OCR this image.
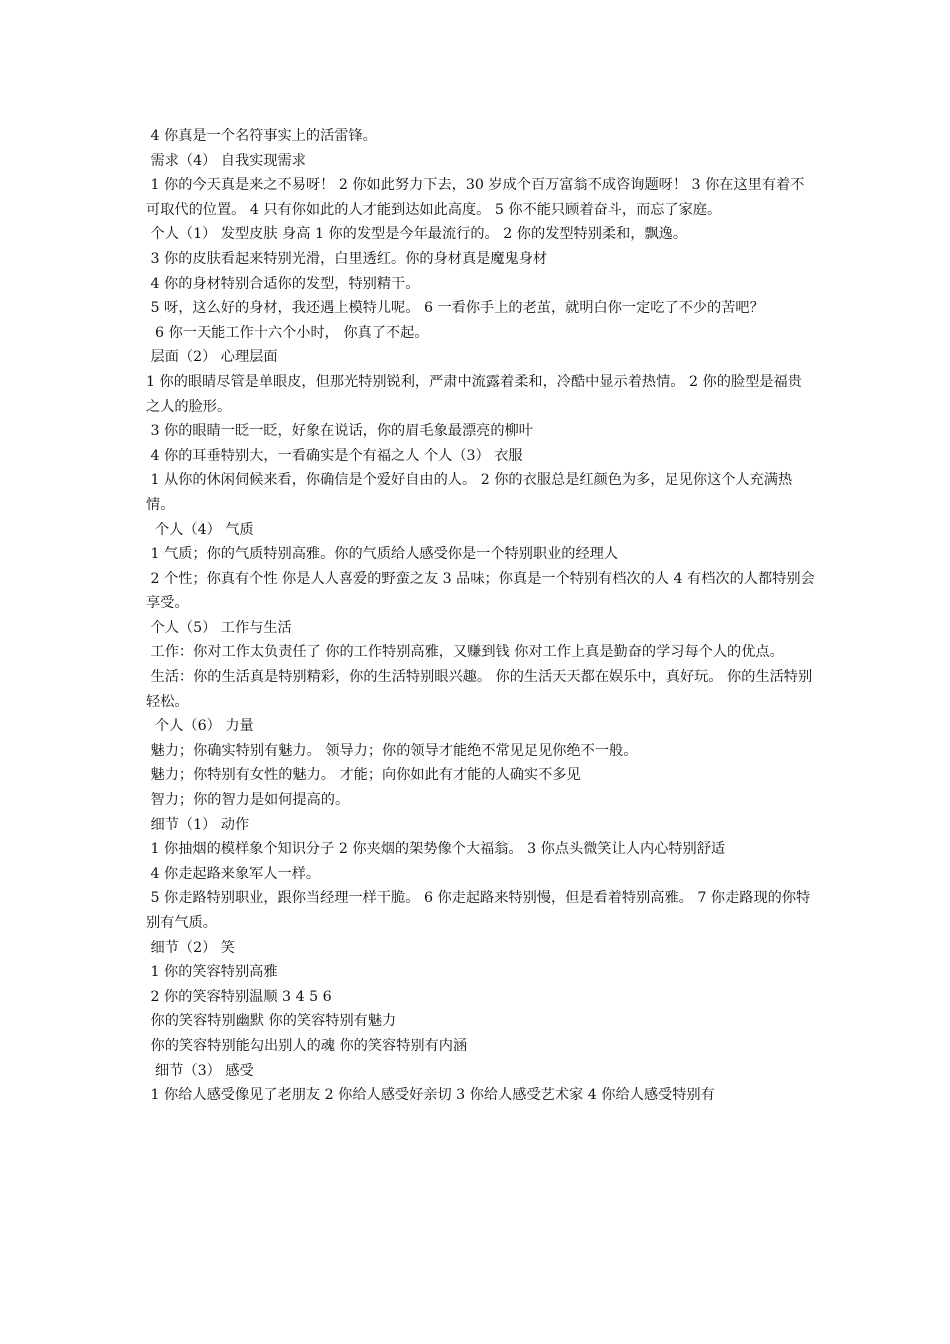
4 你真是一个名符事实上的活雷锋。

需求（4） 自我实现需求

1 你的今天真是来之不易呀！ 2 你如此努力下去，30 岁成个百万富翁不成咨询题呀！ 3 你在这里有着不可取代的位置。 4 只有你如此的人才能到达如此高度。 5 你不能只顾着奋斗，而忘了家庭。

个人（1） 发型皮肤 身高 1 你的发型是今年最流行的。 2 你的发型特别柔和，飘逸。

3 你的皮肤看起来特别光滑，白里透红。你的身材真是魔鬼身材

4 你的身材特别合适你的发型，特别精干。

5 呀，这么好的身材，我还遇上模特儿呢。 6 一看你手上的老茧，就明白你一定吃了不少的苦吧？

6 你一天能工作十六个小时， 你真了不起。

层面（2） 心理层面

1 你的眼睛尽管是单眼皮，但那光特别锐利，严肃中流露着柔和，冷酷中显示着热情。 2 你的脸型是福贵之人的脸形。

3 你的眼睛一眨一眨，好象在说话，你的眉毛象最漂亮的柳叶

4 你的耳垂特别大，一看确实是个有福之人 个人（3） 衣服

1 从你的休闲伺候来看，你确信是个爱好自由的人。 2 你的衣服总是红颜色为多，足见你这个人充满热情。

个人（4） 气质

1 气质；你的气质特别高雅。你的气质给人感受你是一个特别职业的经理人

2 个性；你真有个性 你是人人喜爱的野蛮之友 3 品味；你真是一个特别有档次的人 4 有档次的人都特别会享受。

个人（5） 工作与生活

工作：你对工作太负责任了 你的工作特别高雅，又赚到钱 你对工作上真是勤奋的学习每个人的优点。

生活：你的生活真是特别精彩，你的生活特别眼兴趣。 你的生活天天都在娱乐中，真好玩。 你的生活特别轻松。

个人（6） 力量

魅力；你确实特别有魅力。 领导力；你的领导才能绝不常见足见你绝不一般。

魅力；你特别有女性的魅力。 才能；向你如此有才能的人确实不多见

智力；你的智力是如何提高的。

细节（1） 动作

1 你抽烟的模样象个知识分子 2 你夹烟的架势像个大福翁。 3 你点头微笑让人内心特别舒适

4 你走起路来象军人一样。

5 你走路特别职业，跟你当经理一样干脆。 6 你走起路来特别慢，但是看着特别高雅。 7 你走路现的你特别有气质。

细节（2） 笑

1 你的笑容特别高雅

2 你的笑容特别温顺 3 4 5 6

你的笑容特别幽默 你的笑容特别有魅力

你的笑容特别能勾出别人的魂 你的笑容特别有内涵

细节（3） 感受

1 你给人感受像见了老朋友 2 你给人感受好亲切 3 你给人感受艺术家 4 你给人感受特别有
